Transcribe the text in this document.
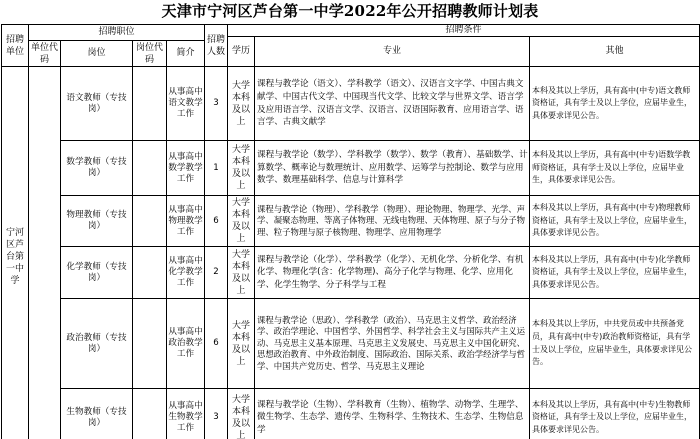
天津市宁河区芦台第一中学2022年公开招聘教师计划表
招聘单位	招聘职位				招聘人数	招聘条件		
						学历	专业	其他
	单位代码	岗位	岗位代码	简介				
宁河区芦台第一中学		语文教师（专技岗）		从事高中语文教学工作	3	大学本科及以上	课程与教学论（语文）、学科教学（语文）、汉语言文字学、中国古典文献学、中国古代文学、中国现当代文学、比较文学与世界文学、语言学及应用语言学、汉语言文学、汉语言、汉语国际教育、应用语言学、语言学、古典文献学	本科及其以上学历，具有高中(中专)语文教师资格证，具有学士及以上学位，应届毕业生，具体要求详见公告。
		数学教师（专技岗）		从事高中数学教学工作	1	大学本科及以上	课程与教学论（数学）、学科教学（数学）、数学（教育）、基础数学、计算数学、概率论与数理统计、应用数学、运筹学与控制论、数学与应用数学、数理基础科学、信息与计算科学	本科及其以上学历，具有高中(中专)语数学教师资格证，具有学士及以上学位，应届毕业生，具体要求详见公告。
		物理教师（专技岗）		从事高中物理教学工作	6	大学本科及以上	课程与教学论（物理）、学科教学（物理）、理论物理、物理学、光学、声学、凝聚态物理、等离子体物理、无线电物理、天体物理、原子与分子物理、粒子物理与原子核物理、物理学、应用物理学	本科及其以上学历，具有高中(中专)物理教师资格证，具有学士及以上学位，应届毕业生，具体要求详见公告。
		化学教师（专技岗）		从事高中化学教学工作	2	大学本科及以上	课程与教学论（化学）、学科教学（化学）、无机化学、分析化学、有机化学、物理化学(含：化学物理)、高分子化学与物理、化学、应用化学、化学生物学、分子科学与工程	本科及其以上学历，具有高中(中专)化学教师资格证，具有学士及以上学位，应届毕业生，具体要求详见公告。
		政治教师（专技岗）		从事高中政治教学工作	6	大学本科及以上	课程与教学论（思政）、学科教学（政治）、马克思主义哲学、政治经济学、政治学理论、中国哲学、外国哲学、科学社会主义与国际共产主义运动、马克思主义基本原理、马克思主义发展史、马克思主义中国化研究、思想政治教育、中外政治制度、国际政治、国际关系、政治学经济学与哲学、中国共产党历史、哲学、马克思主义理论	本科及其以上学历，中共党员或中共预备党员，具有高中(中专)政治教师资格证，具有学士及以上学位，应届毕业生，具体要求详见公告。
		生物教师（专技岗）		从事高中生物教学工作	3	大学本科及以上	课程与教学论（生物）、学科教育（生物）、植物学、动物学、生理学、微生物学、生态学、遗传学、生物科学、生物技术、生态学、生物信息学	本科及其以上学历，具有高中(中专)生物教师资格证，具有学士及以上学位，应届毕业生，具体要求详见公告。
